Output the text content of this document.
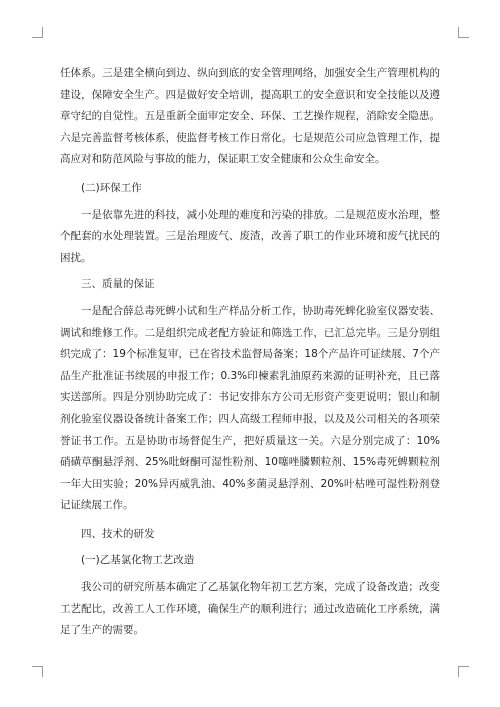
任体系。三是建全横向到边、纵向到底的安全管理网络，加强安全生产管理机构的建设，保障安全生产。四是做好安全培训，提高职工的安全意识和安全技能以及遵章守纪的自觉性。五是重新全面审定安全、环保、工艺操作规程，消除安全隐患。六是完善监督考核体系，使监督考核工作日常化。七是规范公司应急管理工作，提高应对和防范风险与事故的能力，保证职工安全健康和公众生命安全。

(二)环保工作

一是依靠先进的科技，减小处理的难度和污染的排放。二是规范废水治理，整个配套的水处理装置。三是治理废气、废渣，改善了职工的作业环境和废气扰民的困扰。

三、质量的保证

一是配合薛总毒死蜱小试和生产样品分析工作，协助毒死蜱化验室仪器安装、调试和维修工作。二是组织完成老配方验证和筛选工作，已汇总完毕。三是分别组织完成了：19个标准复审，已在省技术监督局备案；18个产品许可证续展、7个产品生产批准证书续展的申报工作；0.3%印楝素乳油原药来源的证明补充，且已落实送部所。四是分别协助完成了：书记安排东方公司无形资产变更说明；银山和制剂化验室仪器设备统计备案工作；四人高级工程师申报，以及及公司相关的各项荣誉证书工作。五是协助市场督促生产，把好质量这一关。六是分别完成了：10%硝磺草酮悬浮剂、25%吡蚜酮可湿性粉剂、10噻唑膦颗粒剂、15%毒死蜱颗粒剂一年大田实验；20%异丙威乳油、40%多菌灵悬浮剂、20%叶枯唑可湿性粉剂登记证续展工作。

四、技术的研发

(一)乙基氯化物工艺改造

我公司的研究所基本确定了乙基氯化物年初工艺方案，完成了设备改造；改变工艺配比，改善工人工作环境，确保生产的顺利进行；通过改造硫化工序系统，满足了生产的需要。
